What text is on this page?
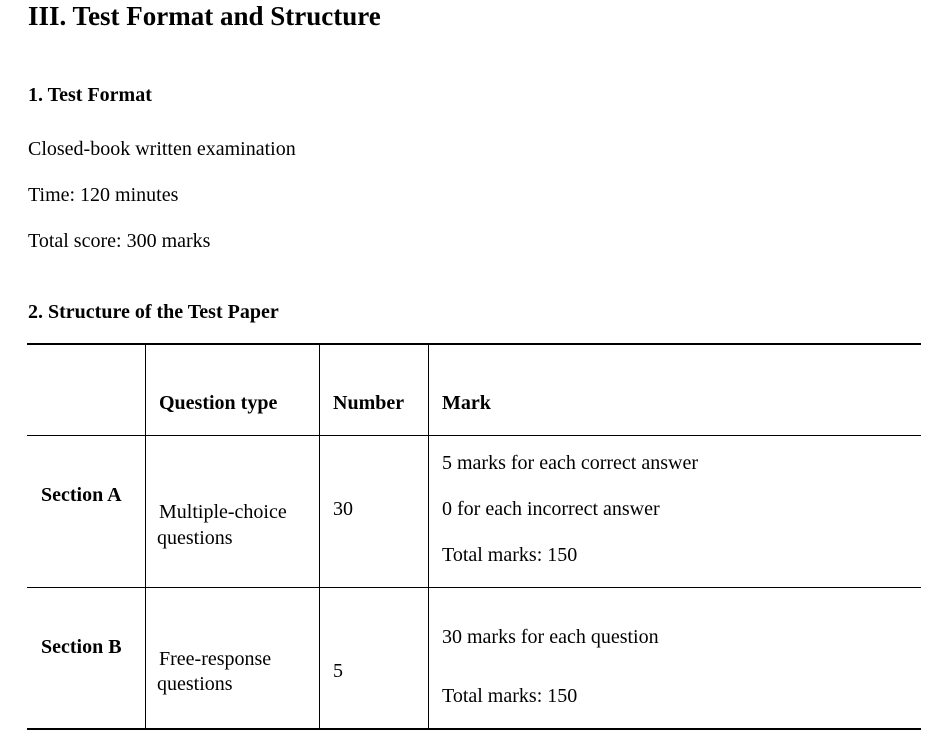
III. Test Format and Structure
1. Test Format
Closed-book written examination
Time: 120 minutes
Total score: 300 marks
2. Structure of the Test Paper
Question type	Number Mark
Section A
Multiple-choice
questions
30
5 marks for each correct answer
0 for each incorrect answer
Total marks: 150
Section B
Free-response
questions
5
30 marks for each question
Total marks: 150
